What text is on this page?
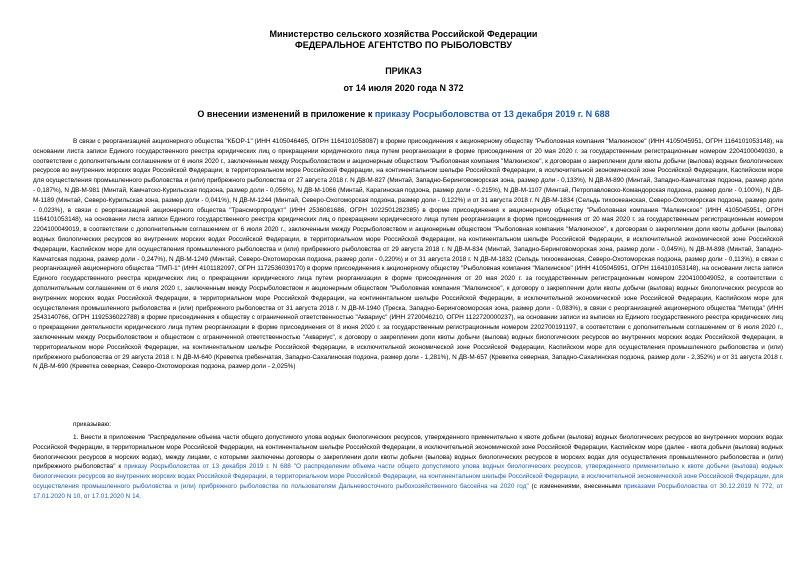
Министерство сельского хозяйства Российской Федерации
ФЕДЕРАЛЬНОЕ АГЕНТСТВО ПО РЫБОЛОВСТВУ
ПРИКАЗ
от 14 июля 2020 года N 372
О внесении изменений в приложение к приказу Росрыболовства от 13 декабря 2019 г. N 688
В связи с реорганизацией акционерного общества "КБОР-1" (ИНН 4105046465, ОГРН 1164101058087) в форме присоединения к акционерному обществу "Рыболовная компания "Малкинское" (ИНН 4105045951, ОГРН 1164101053148), на основании листа записи Единого государственного реестра юридических лиц о прекращении юридического лица путем реорганизации в форме присоединения от 20 мая 2020 г. за государственным регистрационным номером 2204100049030, в соответствии с дополнительным соглашением от 6 июля 2020 г., заключенным между Росрыболовством и акционерным обществом "Рыболовная компания "Малкинское", к договорам о закреплении доли квоты добычи (вылова) водных биологических ресурсов во внутренних морских водах Российской Федерации, в территориальном море Российской Федерации, на континентальном шельфе Российской Федерации, в исключительной экономической зоне Российской Федерации, Каспийском море для осуществления промышленного рыболовства и (или) прибрежного рыболовства от 27 августа 2018 г. N ДВ-М-827 (Минтай, Западно-Беринговоморская зона, размер доли - 0,133%), N ДВ-М-890 (Минтай, Западно-Камчатская подзона, размер доли - 0,187%), N ДВ-М-981 (Минтай, Камчатско-Курильская подзона, размер доли - 0,056%), N ДВ-М-1066 (Минтай, Карагинская подзона, размер доли - 0,215%), N ДВ-М-1107 (Минтай, Петропавловско-Командорская подзона, размер доли - 0,100%), N ДВ-М-1189 (Минтай, Северо-Курильская зона, размер доли - 0,041%), N ДВ-М-1244 (Минтай, Северо-Охотоморская подзона, размер доли - 0,122%) и от 31 августа 2018 г. N ДВ-М-1834 (Сельдь тихоокеанская, Северо-Охотоморская подзона, размер доли - 0,023%), в связи с реорганизацией акционерного общества "Трансморпродукт" (ИНН 2536081686, ОГРН 1022501282385) в форме присоединения к акционерному обществу "Рыболовная компания "Малкинское" (ИНН 4105045951, ОГРН 1164101053148), на основании листа записи Единого государственного реестра юридических лиц о прекращении юридического лица путем реорганизации в форме присоединения от 20 мая 2020 г. за государственным регистрационным номером 2204100049019, в соответствии с дополнительным соглашением от 6 июля 2020 г., заключенным между Росрыболовством и акционерным обществом "Рыболовная компания "Малкинское", к договорам о закреплении доли квоты добычи (вылова) водных биологических ресурсов во внутренних морских водах Российской Федерации, в территориальном море Российской Федерации, на континентальном шельфе Российской Федерации, в исключительной экономической зоне Российской Федерации, Каспийском море для осуществления промышленного рыболовства и (или) прибрежного рыболовства от 29 августа 2018 г. N ДВ-М-834 (Минтай, Западно-Беринговоморская зона, размер доли - 0,045%), N ДВ-М-898 (Минтай, Западно-Камчатская подзона, размер доли - 0,247%), N ДВ-М-1249 (Минтай, Северо-Охотоморская подзона, размер доли - 0,220%) и от 31 августа 2018 г. N ДВ-М-1832 (Сельдь тихоокеанская, Северо-Охотоморская подзона, размер доли - 0,113%), в связи с реорганизацией акционерного общества "ТМП-1" (ИНН 4101182097, ОГРН 1172536039170) в форме присоединения к акционерному обществу "Рыболовная компания "Малкинское" (ИНН 4105045951, ОГРН 1164101053148), на основании листа записи Единого государственного реестра юридических лиц о прекращении юридического лица путем реорганизации в форме присоединения от 20 мая 2020 г. за государственным регистрационным номером 2204100049052, в соответствии с дополнительным соглашением от 6 июля 2020 г., заключенным между Росрыболовством и акционерным обществом "Рыболовная компания "Малкинское", к договору о закреплении доли квоты добычи (вылова) водных биологических ресурсов во внутренних морских водах Российской Федерации, в территориальном море Российской Федерации, на континентальном шельфе Российской Федерации, в исключительной экономической зоне Российской Федерации, Каспийском море для осуществления промышленного рыболовства и (или) прибрежного рыболовства от 31 августа 2018 г. N ДВ-М-1940 (Треска, Западно-Беринговоморская зона, размер доли - 0,083%), в связи с реорганизацией акционерного общества "Метида" (ИНН 2543140766, ОГРН 1192536022788) в форме присоединения к обществу с ограниченной ответственностью "Аквариус" (ИНН 2720046210, ОГРН 1122720000237), на основании записи из выписки из Единого государственного реестра юридических лиц о прекращении деятельности юридического лица путем реорганизации в форме присоединения от 8 июня 2020 г. за государственным регистрационным номером 2202700191197, в соответствии с дополнительным соглашением от 6 июля 2020 г., заключенным между Росрыболовством и обществом с ограниченной ответственностью "Аквариус", к договору о закреплении доли квоты добычи (вылова) водных биологических ресурсов во внутренних морских водах Российской Федерации, в территориальном море Российской Федерации, на континентальном шельфе Российской Федерации, в исключительной экономической зоне Российской Федерации, Каспийском море для осуществления промышленного рыболовства и (или) прибрежного рыболовства от 29 августа 2018 г. N ДВ-М-640 (Креветка гребенчатая, Западно-Сахалинская подзона, размер доли - 1,281%), N ДВ-М-657 (Креветка северная, Западно-Сахалинская подзона, размер доли - 2,352%) и от 31 августа 2018 г. N ДВ-М-690 (Креветка северная, Северо-Охотоморская подзона, размер доли - 2,025%)
приказываю:
1. Внести в приложение "Распределение объема части общего допустимого улова водных биологических ресурсов, утвержденного применительно к квоте добычи (вылова) водных биологических ресурсов во внутренних морских водах Российской Федерации, в территориальном море Российской Федерации, на континентальном шельфе Российской Федерации, в исключительной экономической зоне Российской Федерации, Каспийском море (далее - квота добычи (вылова) водных биологических ресурсов в морских водах), между лицами, с которыми заключены договоры о закреплении доли квоты добычи (вылова) водных биологических ресурсов в морских водах для осуществления промышленного рыболовства и (или) прибрежного рыболовства" к приказу Росрыболовства от 13 декабря 2019 г. N 688 "О распределении объема части общего допустимого улова водных биологических ресурсов, утвержденного применительно к квоте добычи (вылова) водных биологических ресурсов во внутренних морских водах Российской Федерации, в территориальном море Российской Федерации, на континентальном шельфе Российской Федерации, в исключительной экономической зоне Российской Федерации, для осуществления промышленного рыболовства и (или) прибрежного рыболовства по пользователям Дальневосточного рыбохозяйственного бассейна на 2020 год" (с изменениями, внесенными приказами Росрыболовства от 30.12.2019 N 772, от 17.01.2020 N 10, от 17.01.2020 N 14,
